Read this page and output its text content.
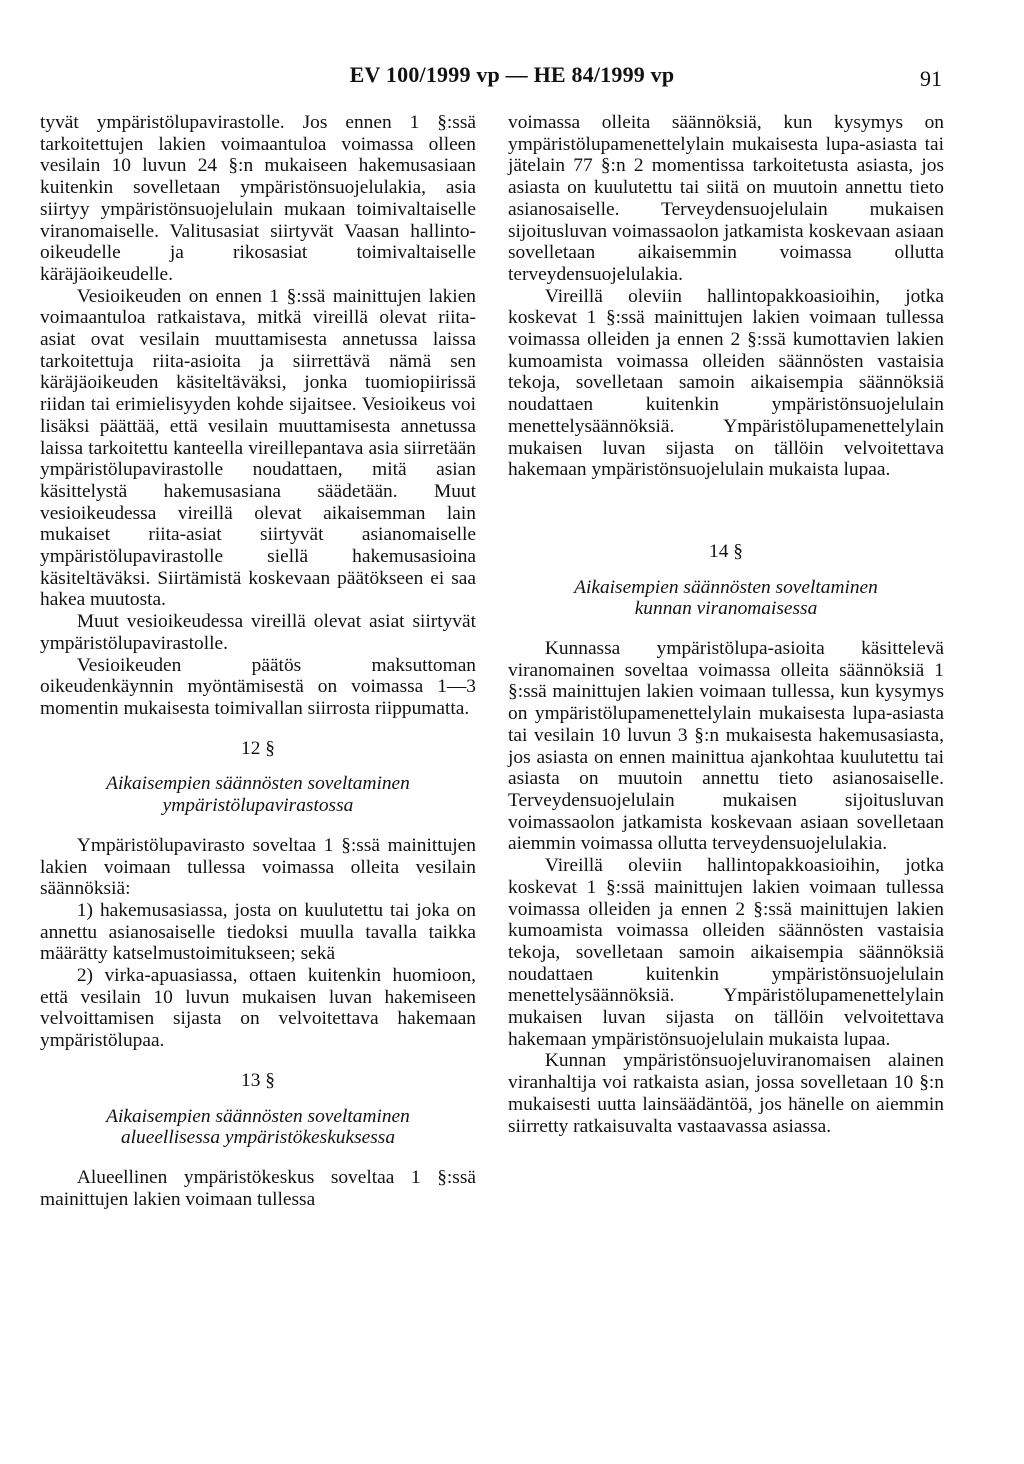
EV 100/1999 vp — HE 84/1999 vp	91

tyvät ympäristölupavirastolle. Jos ennen 1 §:ssä tarkoitettujen lakien voimaantuloa voimassa olleen vesilain 10 luvun 24 §:n mukaiseen hakemusasiaan kuitenkin sovelletaan ympäristönsuojelulakia, asia siirtyy ympäristönsuojelulain mukaan toimivaltaiselle viranomaiselle. Valitusasiat siirtyvät Vaasan hallinto-oikeudelle ja rikosasiat toimivaltaiselle käräjäoikeudelle.

Vesioikeuden on ennen 1 §:ssä mainittujen lakien voimaantuloa ratkaistava, mitkä vireillä olevat riita-asiat ovat vesilain muuttamisesta annetussa laissa tarkoitettuja riita-asioita ja siirrettävä nämä sen käräjäoikeuden käsiteltäväksi, jonka tuomiopiirissä riidan tai erimielisyyden kohde sijaitsee. Vesioikeus voi lisäksi päättää, että vesilain muuttamisesta annetussa laissa tarkoitettu kanteella vireillepantava asia siirretään ympäristölupavirastolle noudattaen, mitä asian käsittelystä hakemusasiana säädetään. Muut vesioikeudessa vireillä olevat aikaisemman lain mukaiset riita-asiat siirtyvät asianomaiselle ympäristölupavirastolle siellä hakemusasioina käsiteltäväksi. Siirtämistä koskevaan päätökseen ei saa hakea muutosta.

Muut vesioikeudessa vireillä olevat asiat siirtyvät ympäristölupavirastolle.

Vesioikeuden päätös maksuttoman oikeudenkäynnin myöntämisestä on voimassa 1—3 momentin mukaisesta toimivallan siirrosta riippumatta.

12 §
Aikaisempien säännösten soveltaminen
ympäristölupavirastossa

Ympäristölupavirasto soveltaa 1 §:ssä mainittujen lakien voimaan tullessa voimassa olleita vesilain säännöksiä:

1) hakemusasiassa, josta on kuulutettu tai joka on annettu asianosaiselle tiedoksi muulla tavalla taikka määrätty katselmustoimitukseen; sekä

2) virka-apuasiassa, ottaen kuitenkin huomioon, että vesilain 10 luvun mukaisen luvan hakemiseen velvoittamisen sijasta on velvoitettava hakemaan ympäristölupaa.

13 §
Aikaisempien säännösten soveltaminen
alueellisessa ympäristökeskuksessa

Alueellinen ympäristökeskus soveltaa 1 §:ssä mainittujen lakien voimaan tullessa

voimassa olleita säännöksiä, kun kysymys on ympäristölupamenettelylain mukaisesta lupa-asiasta tai jätelain 77 §:n 2 momentissa tarkoitetusta asiasta, jos asiasta on kuulutettu tai siitä on muutoin annettu tieto asianosaiselle. Terveydensuojelulain mukaisen sijoitusluvan voimassaolon jatkamista koskevaan asiaan sovelletaan aikaisemmin voimassa ollutta terveydensuojelulakia.

Vireillä oleviin hallintopakkoasioihin, jotka koskevat 1 §:ssä mainittujen lakien voimaan tullessa voimassa olleiden ja ennen 2 §:ssä kumottavien lakien kumoamista voimassa olleiden säännösten vastaisia tekoja, sovelletaan samoin aikaisempia säännöksiä noudattaen kuitenkin ympäristönsuojelulain menettelysäännöksiä. Ympäristölupamenettelylain mukaisen luvan sijasta on tällöin velvoitettava hakemaan ympäristönsuojelulain mukaista lupaa.

14 §
Aikaisempien säännösten soveltaminen
kunnan viranomaisessa

Kunnassa ympäristölupa-asioita käsittelevä viranomainen soveltaa voimassa olleita säännöksiä 1 §:ssä mainittujen lakien voimaan tullessa, kun kysymys on ympäristölupamenettelylain mukaisesta lupa-asiasta tai vesilain 10 luvun 3 §:n mukaisesta hakemusasiasta, jos asiasta on ennen mainittua ajankohtaa kuulutettu tai asiasta on muutoin annettu tieto asianosaiselle. Terveydensuojelulain mukaisen sijoitusluvan voimassaolon jatkamista koskevaan asiaan sovelletaan aiemmin voimassa ollutta terveydensuojelulakia.

Vireillä oleviin hallintopakkoasioihin, jotka koskevat 1 §:ssä mainittujen lakien voimaan tullessa voimassa olleiden ja ennen 2 §:ssä mainittujen lakien kumoamista voimassa olleiden säännösten vastaisia tekoja, sovelletaan samoin aikaisempia säännöksiä noudattaen kuitenkin ympäristönsuojelulain menettelysäännöksiä. Ympäristölupamenettelylain mukaisen luvan sijasta on tällöin velvoitettava hakemaan ympäristönsuojelulain mukaista lupaa.

Kunnan ympäristönsuojeluviranomaisen alainen viranhaltija voi ratkaista asian, jossa sovelletaan 10 §:n mukaisesti uutta lainsäädäntöä, jos hänelle on aiemmin siirretty ratkaisuvalta vastaavassa asiassa.
